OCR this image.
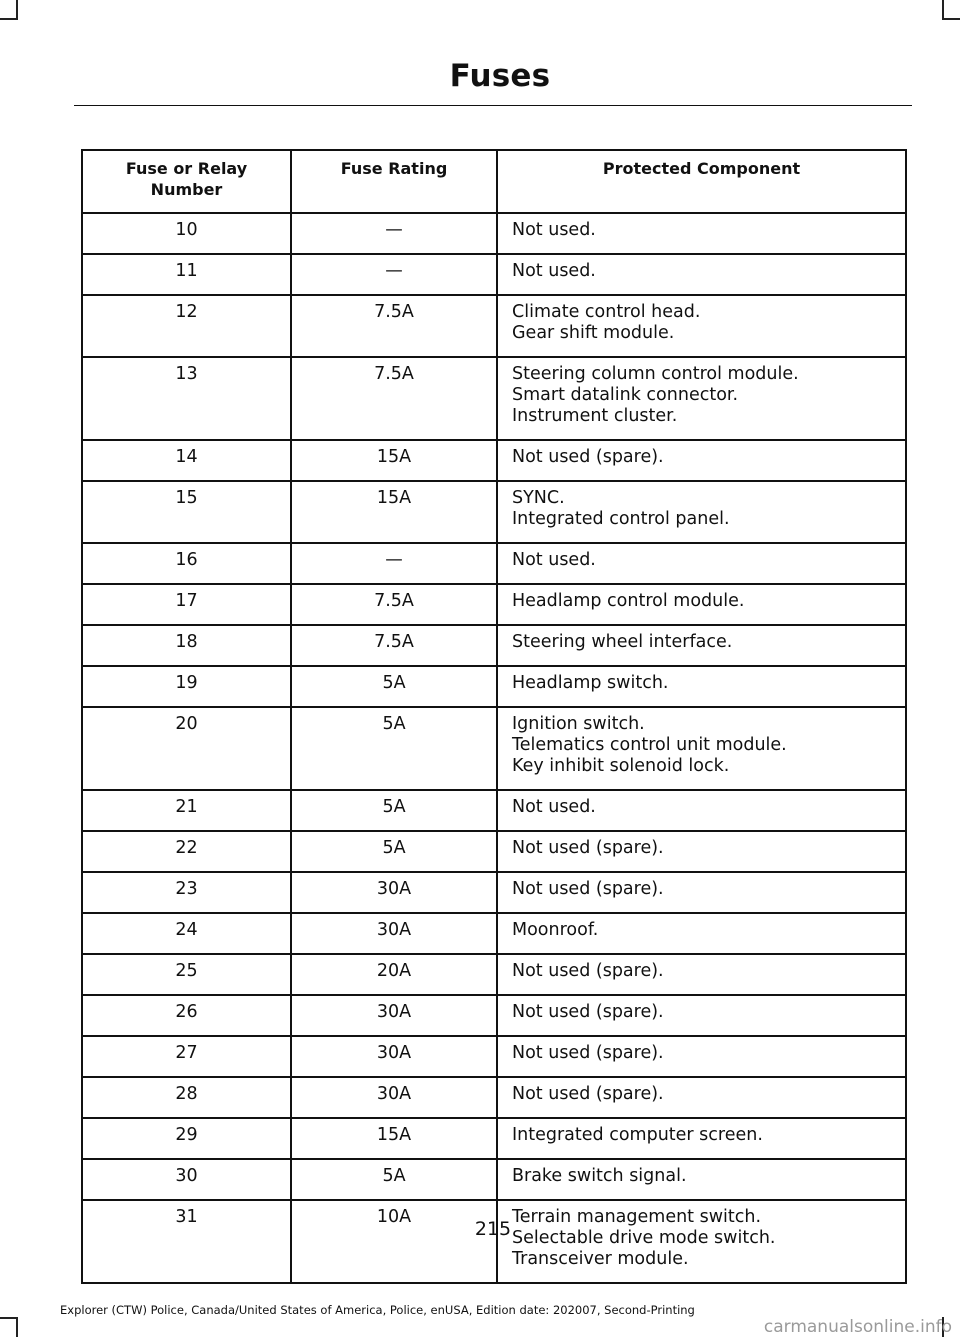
Fuses
Fuse or Relay
Number	Fuse Rating	Protected Component
10	—	Not used.

11	—	Not used.

12	7.5A	Climate control head.
Gear shift module.

13	7.5A	Steering column control module.
Smart datalink connector.
Instrument cluster.

14	15A	Not used (spare).

15	15A	SYNC.
Integrated control panel.

16	—	Not used.

17	7.5A	Headlamp control module.

18	7.5A	Steering wheel interface.

19	5A	Headlamp switch.

20	5A	Ignition switch.
Telematics control unit module.
Key inhibit solenoid lock.

21	5A	Not used.

22	5A	Not used (spare).

23	30A	Not used (spare).

24	30A	Moonroof.

25	20A	Not used (spare).

26	30A	Not used (spare).

27	30A	Not used (spare).

28	30A	Not used (spare).

29	15A	Integrated computer screen.

30	5A	Brake switch signal.

31	10A	Terrain management switch.
Selectable drive mode switch.
Transceiver module.
215
Explorer (CTW) Police, Canada/United States of America, Police, enUSA, Edition date: 202007, Second-Printing
carmanualsonline.info
